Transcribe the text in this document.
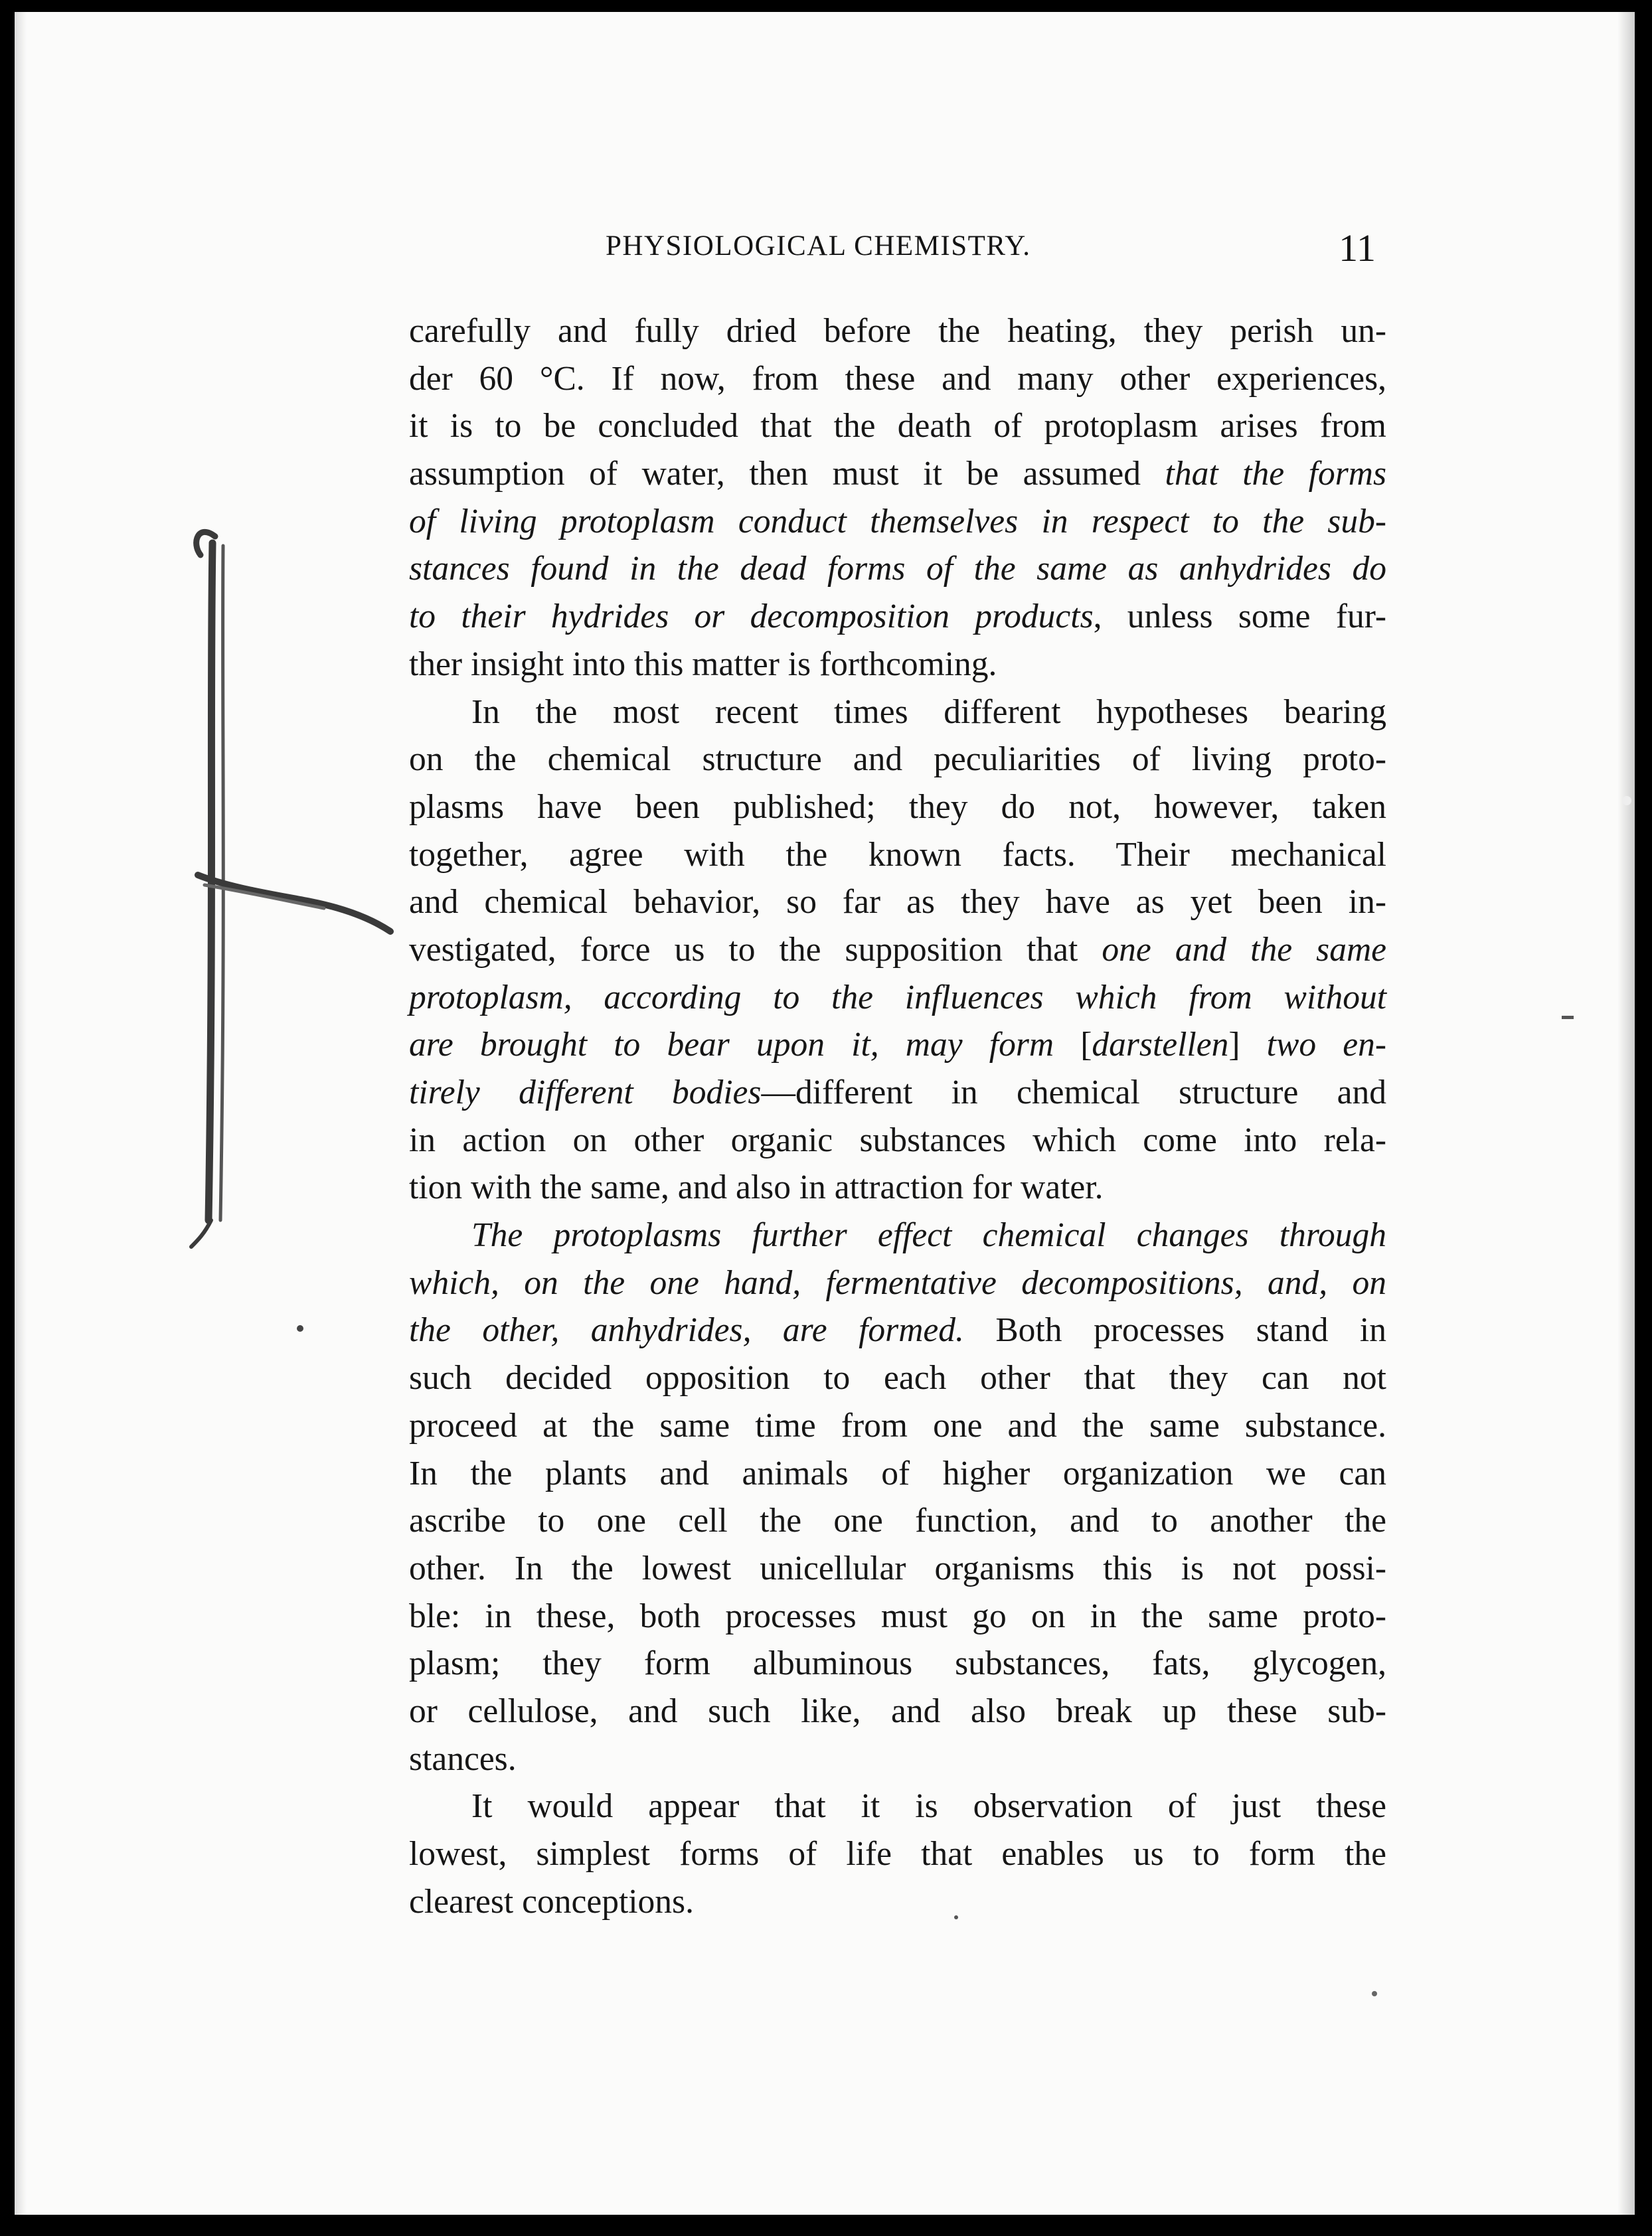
PHYSIOLOGICAL CHEMISTRY.	11
carefully and fully dried before the heating, they perish un-
der 60 °C. If now, from these and many other experiences,
it is to be concluded that the death of protoplasm arises from
assumption of water, then must it be assumed that the forms
of living protoplasm conduct themselves in respect to the sub-
stances found in the dead forms of the same as anhydrides do
to their hydrides or decomposition products, unless some fur-
ther insight into this matter is forthcoming.
In the most recent times different hypotheses bearing
on the chemical structure and peculiarities of living proto-
plasms have been published; they do not, however, taken
together, agree with the known facts. Their mechanical
and chemical behavior, so far as they have as yet been in-
vestigated, force us to the supposition that one and the same
protoplasm, according to the influences which from without
are brought to bear upon it, may form [darstellen] two en-
tirely different bodies—different in chemical structure and
in action on other organic substances which come into rela-
tion with the same, and also in attraction for water.
The protoplasms further effect chemical changes through
which, on the one hand, fermentative decompositions, and, on
the other, anhydrides, are formed. Both processes stand in
such decided opposition to each other that they can not
proceed at the same time from one and the same substance.
In the plants and animals of higher organization we can
ascribe to one cell the one function, and to another the
other. In the lowest unicellular organisms this is not possi-
ble: in these, both processes must go on in the same proto-
plasm; they form albuminous substances, fats, glycogen,
or cellulose, and such like, and also break up these sub-
stances.
It would appear that it is observation of just these
lowest, simplest forms of life that enables us to form the
clearest conceptions.
